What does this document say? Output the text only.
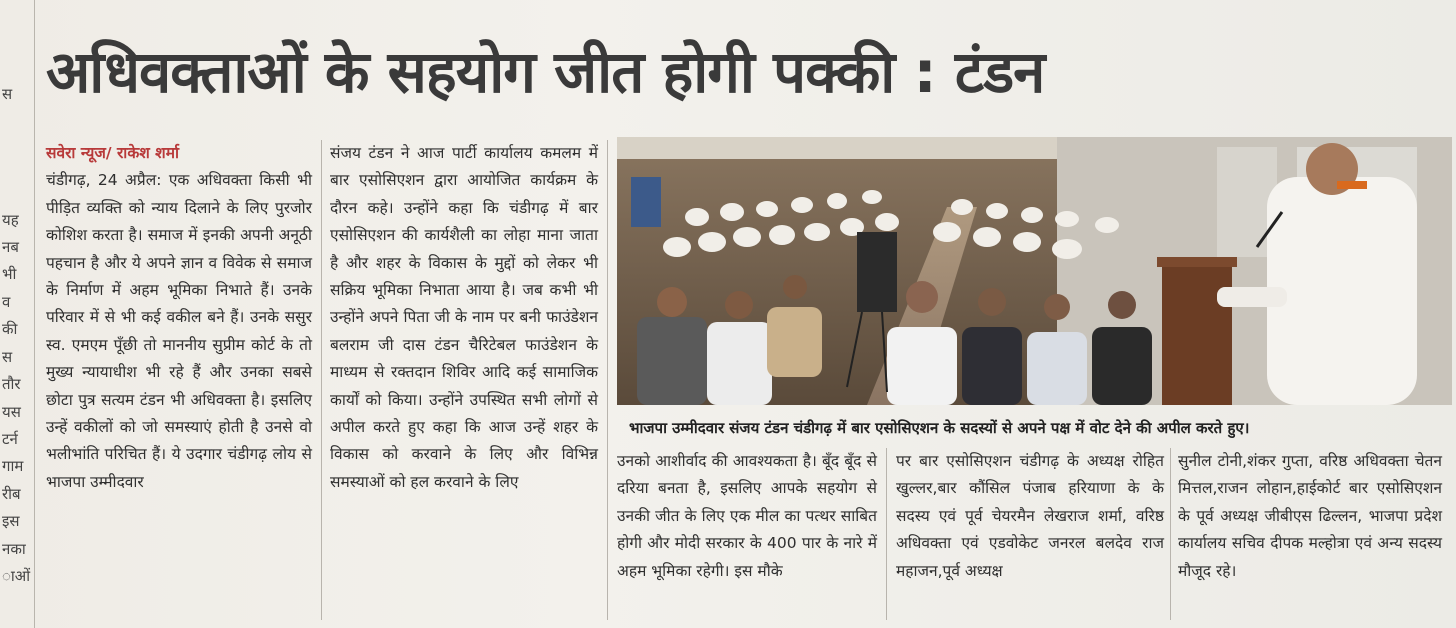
स
यह
नब
भी
व
की
स
तौर
यस
टर्न
गाम
रीब
इस
नका
ाओं
अधिवक्ताओं के सहयोग जीत होगी पक्की : टंडन

सवेरा न्यूज/ राकेश शर्मा
चंडीगढ़, 24 अप्रैल: एक अधिवक्ता किसी भी पीड़ित व्यक्ति को न्याय दिलाने के लिए पुरजोर कोशिश करता है। समाज में इनकी अपनी अनूठी पहचान है और ये अपने ज्ञान व विवेक से समाज के निर्माण में अहम भूमिका निभाते हैं। उनके परिवार में से भी कई वकील बने हैं। उनके ससुर स्व. एमएम पूँछी तो माननीय सुप्रीम कोर्ट के तो मुख्य न्यायाधीश भी रहे हैं और उनका सबसे छोटा पुत्र सत्यम टंडन भी अधिवक्ता है। इसलिए उन्हें वकीलों को जो समस्याएं होती है उनसे वो भलीभांति परिचित हैं। ये उदगार चंडीगढ़ लोय से भाजपा उम्मीदवार

संजय टंडन ने आज पार्टी कार्यालय कमलम में बार एसोसिएशन द्वारा आयोजित कार्यक्रम के दौरन कहे। उन्होंने कहा कि चंडीगढ़ में बार एसोसिएशन की कार्यशैली का लोहा माना जाता है और शहर के विकास के मुद्दों को लेकर भी सक्रिय भूमिका निभाता आया है। जब कभी भी उन्होंने अपने पिता जी के नाम पर बनी फाउंडेशन बलराम जी दास टंडन चैरिटेबल फाउंडेशन के माध्यम से रक्तदान शिविर आदि कई सामाजिक कार्यों को किया। उन्होंने उपस्थित सभी लोगों से अपील करते हुए कहा कि आज उन्हें शहर के विकास को करवाने के लिए और विभिन्न समस्याओं को हल करवाने के लिए

भाजपा उम्मीदवार संजय टंडन चंडीगढ़ में बार एसोसिएशन के सदस्यों से अपने पक्ष में वोट देने की अपील करते हुए।

उनको आशीर्वाद की आवश्यकता है। बूँद बूँद से दरिया बनता है, इसलिए आपके सहयोग से उनकी जीत के लिए एक मील का पत्थर साबित होगी और मोदी सरकार के 400 पार के नारे में अहम भूमिका रहेगी। इस मौके

पर बार एसोसिएशन चंडीगढ़ के अध्यक्ष रोहित खुल्लर,बार कौंसिल पंजाब हरियाणा के के सदस्य एवं पूर्व चेयरमैन लेखराज शर्मा, वरिष्ठ अधिवक्ता एवं एडवोकेट जनरल बलदेव राज महाजन,पूर्व अध्यक्ष

सुनील टोनी,शंकर गुप्ता, वरिष्ठ अधिवक्ता चेतन मित्तल,राजन लोहान,हाईकोर्ट बार एसोसिएशन के पूर्व अध्यक्ष जीबीएस ढिल्लन, भाजपा प्रदेश कार्यालय सचिव दीपक मल्होत्रा एवं अन्य सदस्य मौजूद रहे।
